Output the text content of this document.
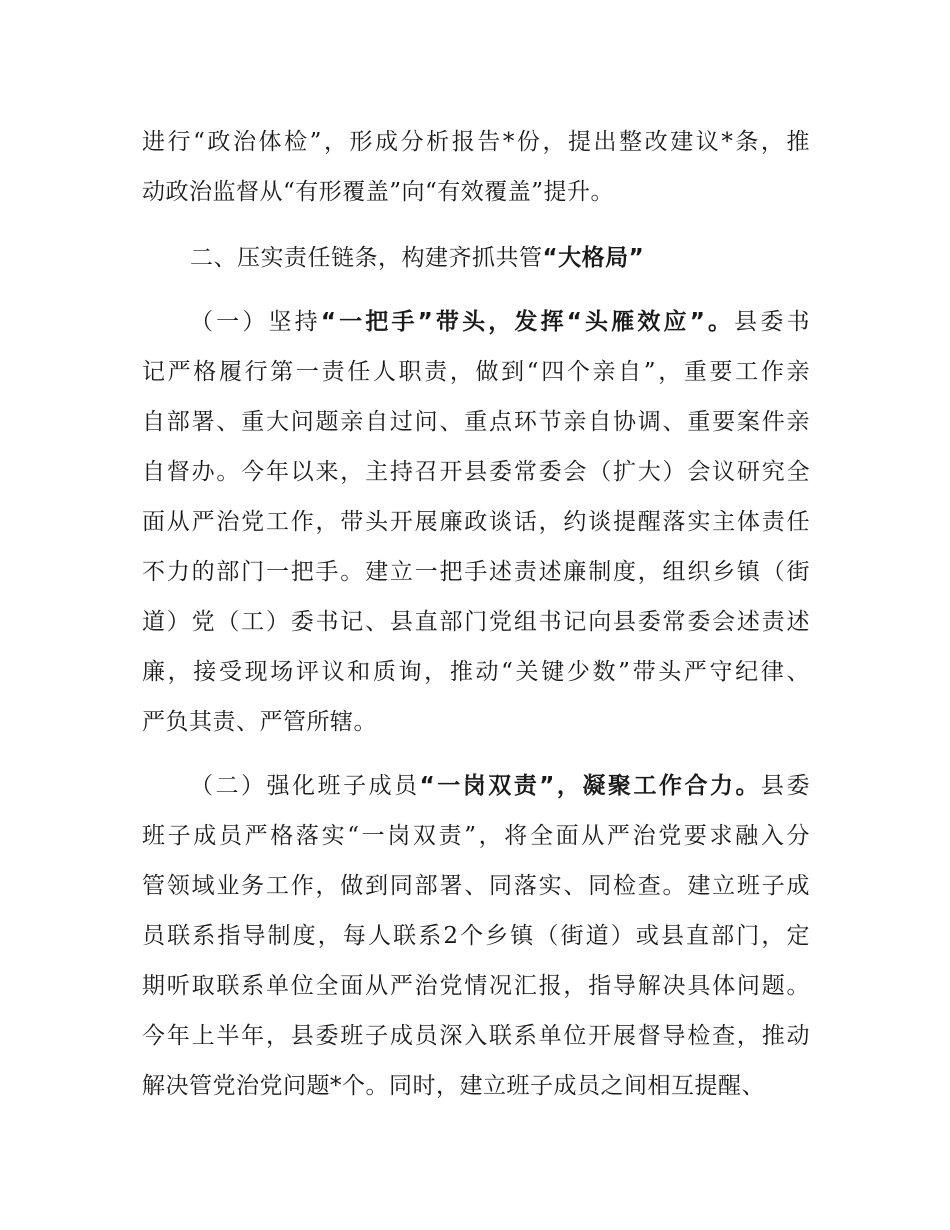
进行“政治体检”，形成分析报告*份，提出整改建议*条，推
动政治监督从“有形覆盖”向“有效覆盖”提升。
二、压实责任链条，构建齐抓共管“大格局”
（一）坚持“一把手”带头，发挥“头雁效应”。县委书
记严格履行第一责任人职责，做到“四个亲自”，重要工作亲
自部署、重大问题亲自过问、重点环节亲自协调、重要案件亲
自督办。今年以来，主持召开县委常委会（扩大）会议研究全
面从严治党工作，带头开展廉政谈话，约谈提醒落实主体责任
不力的部门一把手。建立一把手述责述廉制度，组织乡镇（街
道）党（工）委书记、县直部门党组书记向县委常委会述责述
廉，接受现场评议和质询，推动“关键少数”带头严守纪律、
严负其责、严管所辖。
（二）强化班子成员“一岗双责”，凝聚工作合力。县委
班子成员严格落实“一岗双责”，将全面从严治党要求融入分
管领域业务工作，做到同部署、同落实、同检查。建立班子成
员联系指导制度，每人联系2个乡镇（街道）或县直部门，定
期听取联系单位全面从严治党情况汇报，指导解决具体问题。
今年上半年，县委班子成员深入联系单位开展督导检查，推动
解决管党治党问题*个。同时，建立班子成员之间相互提醒、
